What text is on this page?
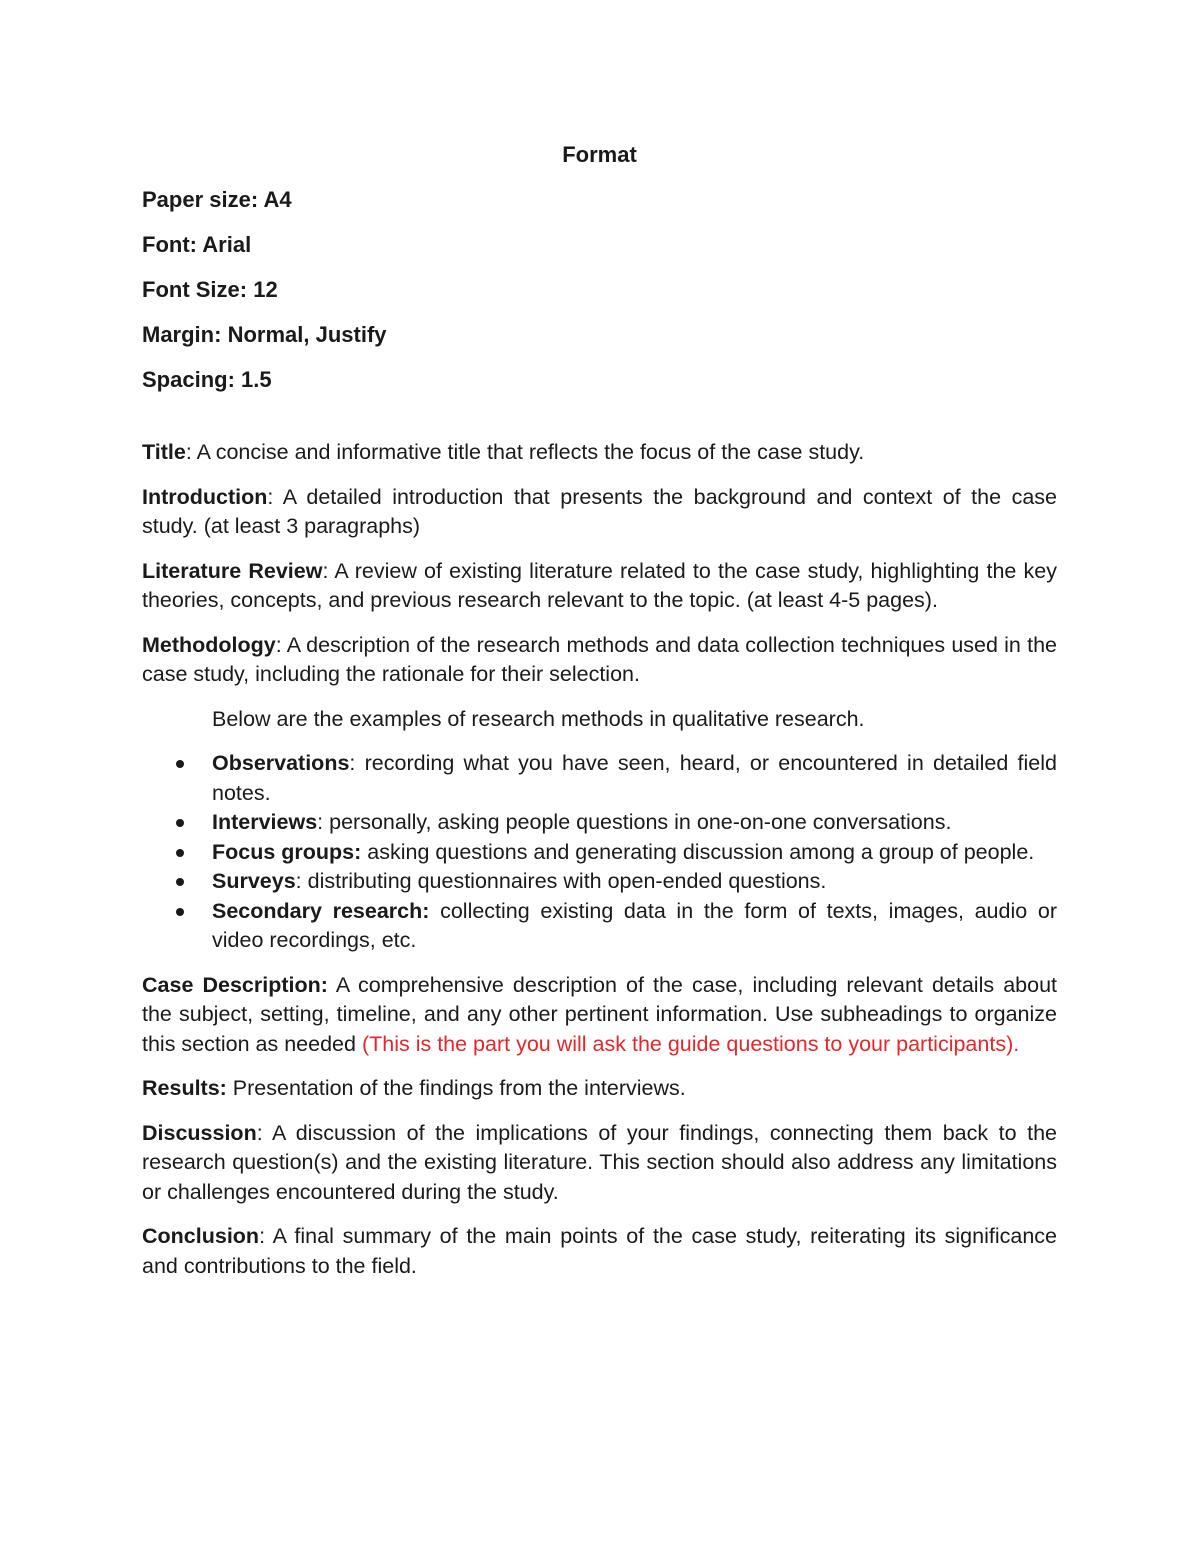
Format
Paper size: A4
Font: Arial
Font Size: 12
Margin: Normal, Justify
Spacing: 1.5

Title: A concise and informative title that reflects the focus of the case study.

Introduction: A detailed introduction that presents the background and context of the case study. (at least 3 paragraphs)

Literature Review: A review of existing literature related to the case study, highlighting the key theories, concepts, and previous research relevant to the topic. (at least 4-5 pages).

Methodology: A description of the research methods and data collection techniques used in the case study, including the rationale for their selection.

Below are the examples of research methods in qualitative research.

Observations: recording what you have seen, heard, or encountered in detailed field notes.
Interviews: personally, asking people questions in one-on-one conversations.
Focus groups: asking questions and generating discussion among a group of people.
Surveys: distributing questionnaires with open-ended questions.
Secondary research: collecting existing data in the form of texts, images, audio or video recordings, etc.

Case Description: A comprehensive description of the case, including relevant details about the subject, setting, timeline, and any other pertinent information. Use subheadings to organize this section as needed (This is the part you will ask the guide questions to your participants).

Results: Presentation of the findings from the interviews.

Discussion: A discussion of the implications of your findings, connecting them back to the research question(s) and the existing literature. This section should also address any limitations or challenges encountered during the study.

Conclusion: A final summary of the main points of the case study, reiterating its significance and contributions to the field.
